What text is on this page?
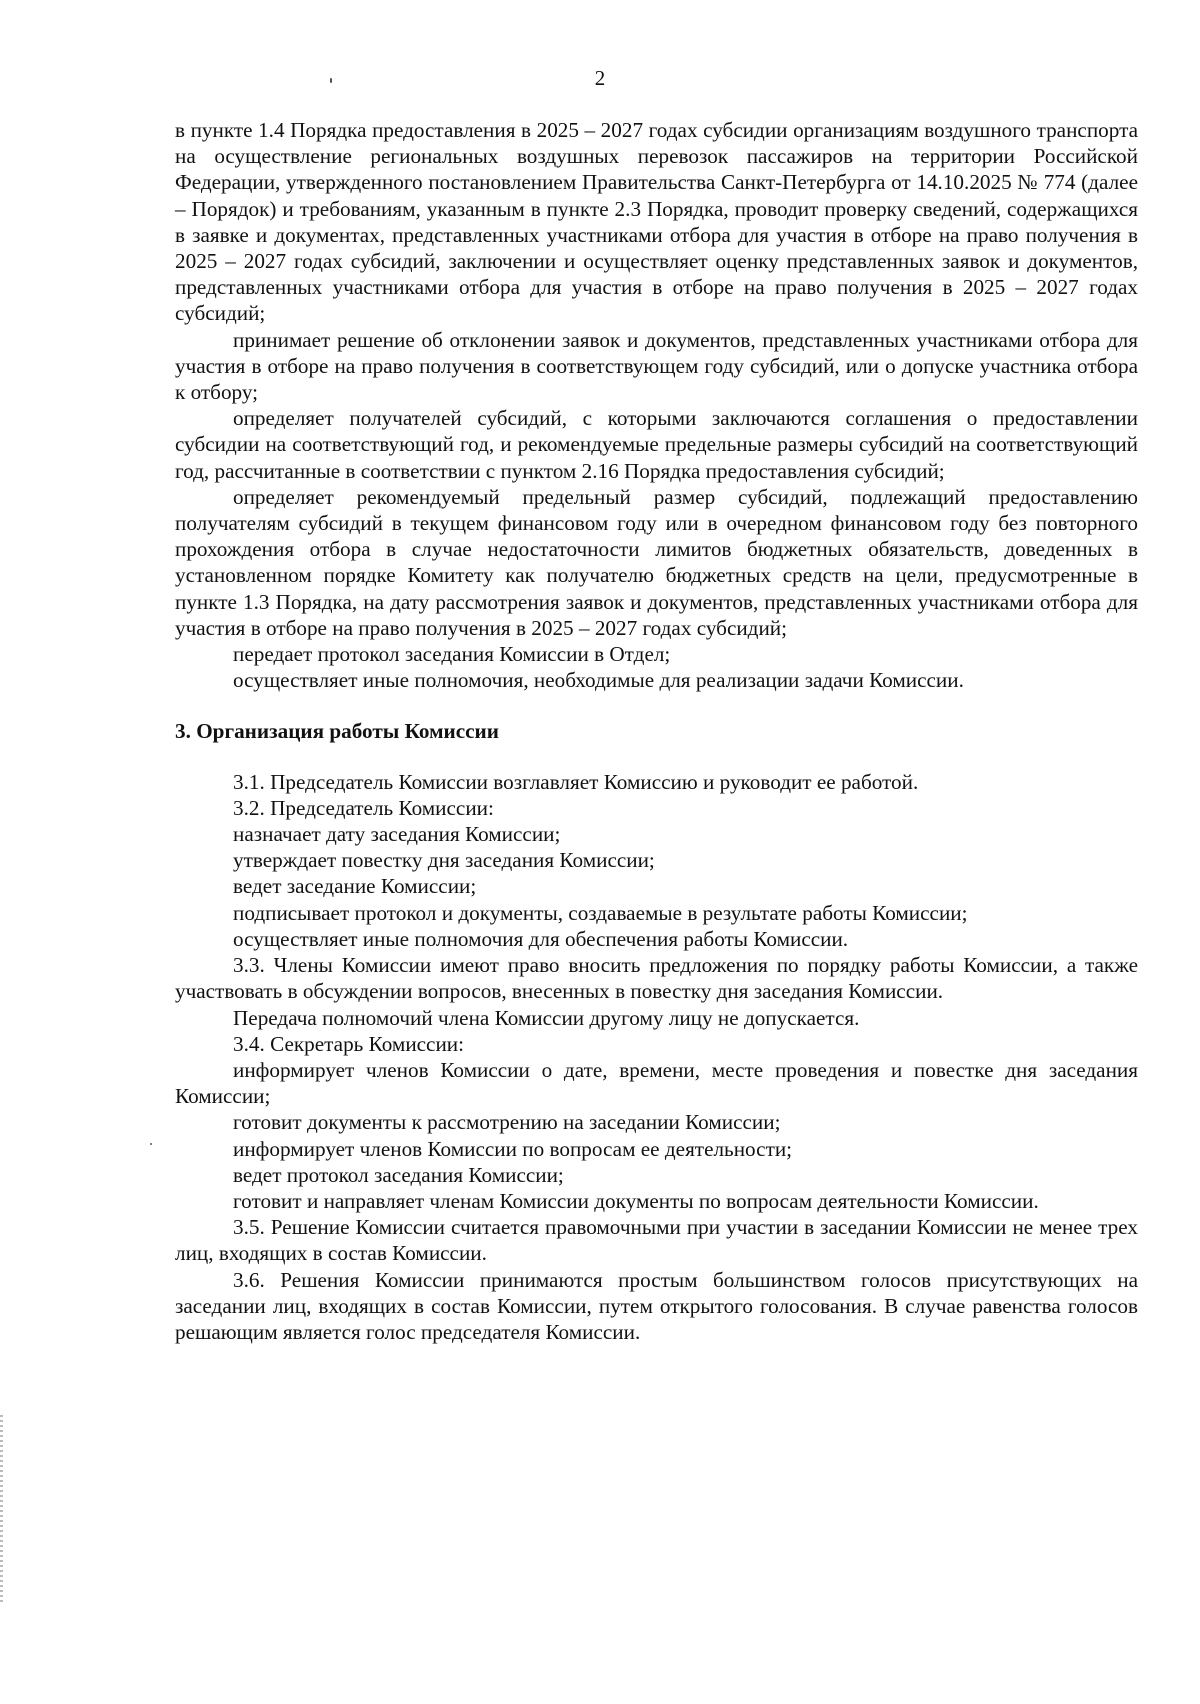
2

в пункте 1.4 Порядка предоставления в 2025 – 2027 годах субсидии организациям воздушного транспорта на осуществление региональных воздушных перевозок пассажиров на территории Российской Федерации, утвержденного постановлением Правительства Санкт-Петербурга от 14.10.2025 № 774 (далее – Порядок) и требованиям, указанным в пункте 2.3 Порядка, проводит проверку сведений, содержащихся в заявке и документах, представленных участниками отбора для участия в отборе на право получения в 2025 – 2027 годах субсидий, заключении и осуществляет оценку представленных заявок и документов, представленных участниками отбора для участия в отборе на право получения в 2025 – 2027 годах субсидий;

принимает решение об отклонении заявок и документов, представленных участниками отбора для участия в отборе на право получения в соответствующем году субсидий, или о допуске участника отбора к отбору;

определяет получателей субсидий, с которыми заключаются соглашения о предоставлении субсидии на соответствующий год, и рекомендуемые предельные размеры субсидий на соответствующий год, рассчитанные в соответствии с пунктом 2.16 Порядка предоставления субсидий;

определяет рекомендуемый предельный размер субсидий, подлежащий предоставлению получателям субсидий в текущем финансовом году или в очередном финансовом году без повторного прохождения отбора в случае недостаточности лимитов бюджетных обязательств, доведенных в установленном порядке Комитету как получателю бюджетных средств на цели, предусмотренные в пункте 1.3 Порядка, на дату рассмотрения заявок и документов, представленных участниками отбора для участия в отборе на право получения в 2025 – 2027 годах субсидий;

передает протокол заседания Комиссии в Отдел;

осуществляет иные полномочия, необходимые для реализации задачи Комиссии.

3. Организация работы Комиссии

3.1. Председатель Комиссии возглавляет Комиссию и руководит ее работой.

3.2. Председатель Комиссии:

назначает дату заседания Комиссии;

утверждает повестку дня заседания Комиссии;

ведет заседание Комиссии;

подписывает протокол и документы, создаваемые в результате работы Комиссии;

осуществляет иные полномочия для обеспечения работы Комиссии.

3.3. Члены Комиссии имеют право вносить предложения по порядку работы Комиссии, а также участвовать в обсуждении вопросов, внесенных в повестку дня заседания Комиссии.

Передача полномочий члена Комиссии другому лицу не допускается.

3.4. Секретарь Комиссии:

информирует членов Комиссии о дате, времени, месте проведения и повестке дня заседания Комиссии;

готовит документы к рассмотрению на заседании Комиссии;

информирует членов Комиссии по вопросам ее деятельности;

ведет протокол заседания Комиссии;

готовит и направляет членам Комиссии документы по вопросам деятельности Комиссии.

3.5. Решение Комиссии считается правомочными при участии в заседании Комиссии не менее трех лиц, входящих в состав Комиссии.

3.6. Решения Комиссии принимаются простым большинством голосов присутствующих на заседании лиц, входящих в состав Комиссии, путем открытого голосования. В случае равенства голосов решающим является голос председателя Комиссии.
